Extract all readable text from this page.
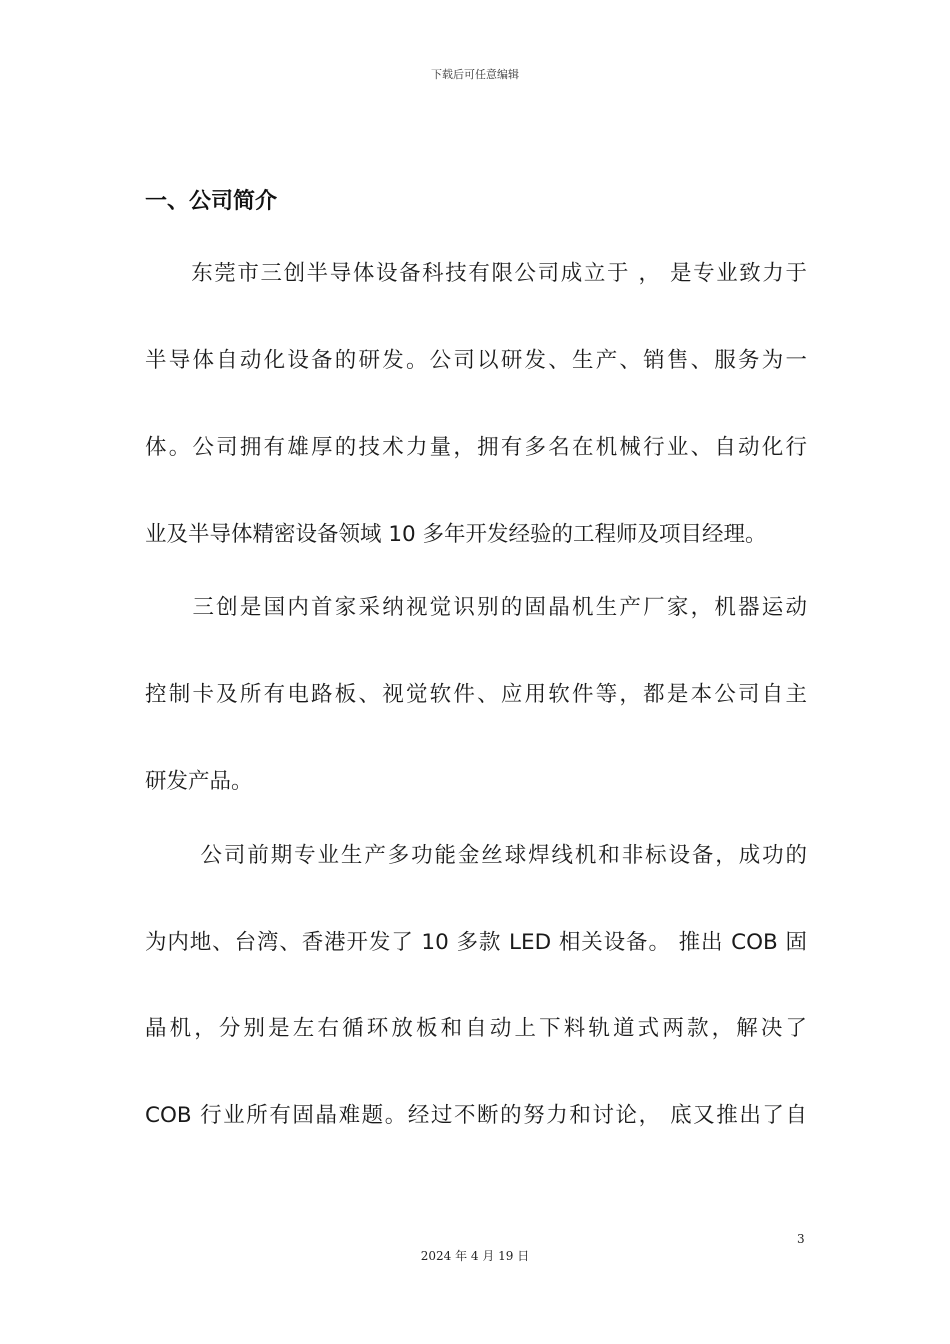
下载后可任意编辑
一、公司简介
　　东莞市三创半导体设备科技有限公司成立于 ， 是专业致力于
半导体自动化设备的研发。公司以研发、生产、销售、服务为一
体。公司拥有雄厚的技术力量，拥有多名在机械行业、自动化行
业及半导体精密设备领域 10 多年开发经验的工程师及项目经理。
　　三创是国内首家采纳视觉识别的固晶机生产厂家，机器运动
控制卡及所有电路板、视觉软件、应用软件等，都是本公司自主
研发产品。
　　 公司前期专业生产多功能金丝球焊线机和非标设备，成功的
为内地、台湾、香港开发了 10 多款 LED 相关设备。 推出 COB 固
晶机，分别是左右循环放板和自动上下料轨道式两款，解决了
COB 行业所有固晶难题。经过不断的努力和讨论， 底又推出了自
3
2024 年 4 月 19 日
